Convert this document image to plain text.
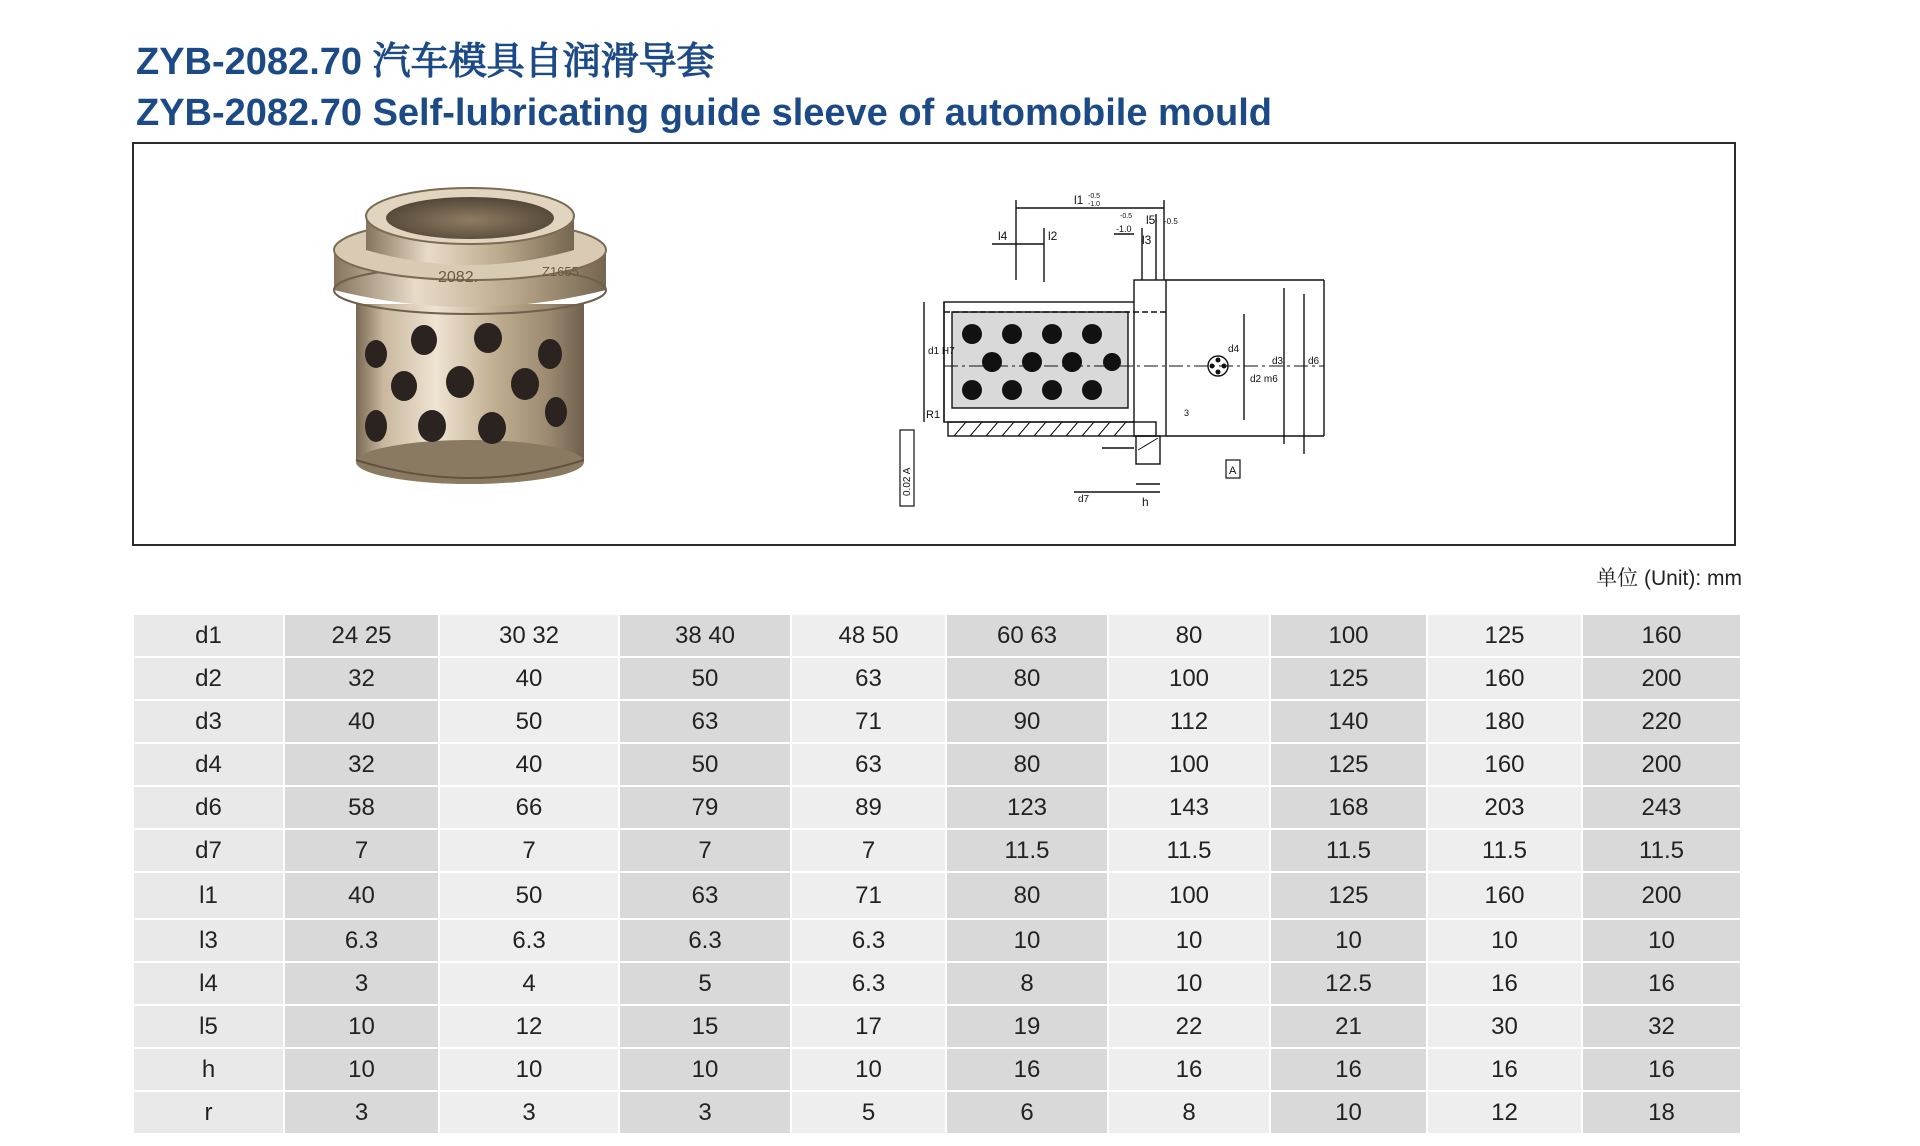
ZYB-2082.70 汽车模具自润滑导套
ZYB-2082.70 Self-lubricating guide sleeve of automobile mould
2082.	Z1655
l1 -0.5
-1.0
-0.5
-1.0
l5 -0.5
l3
l4	l2
d1 H7
R1
d2 m6
d3
d4
d6
d7	h
3
0.02 A	A
单位 (Unit): mm
d1	24 25	30 32	38 40	48 50	60 63	80	100	125	160
d2	32	40	50	63	80	100	125	160	200
d3	40	50	63	71	90	112	140	180	220
d4	32	40	50	63	80	100	125	160	200
d6	58	66	79	89	123	143	168	203	243
d7	7	7	7	7	11.5	11.5	11.5	11.5	11.5
l1	40	50	63	71	80	100	125	160	200
l3	6.3	6.3	6.3	6.3	10	10	10	10	10
l4	3	4	5	6.3	8	10	12.5	16	16
l5	10	12	15	17	19	22	21	30	32
h	10	10	10	10	16	16	16	16	16
r	3	3	3	5	6	8	10	12	18
